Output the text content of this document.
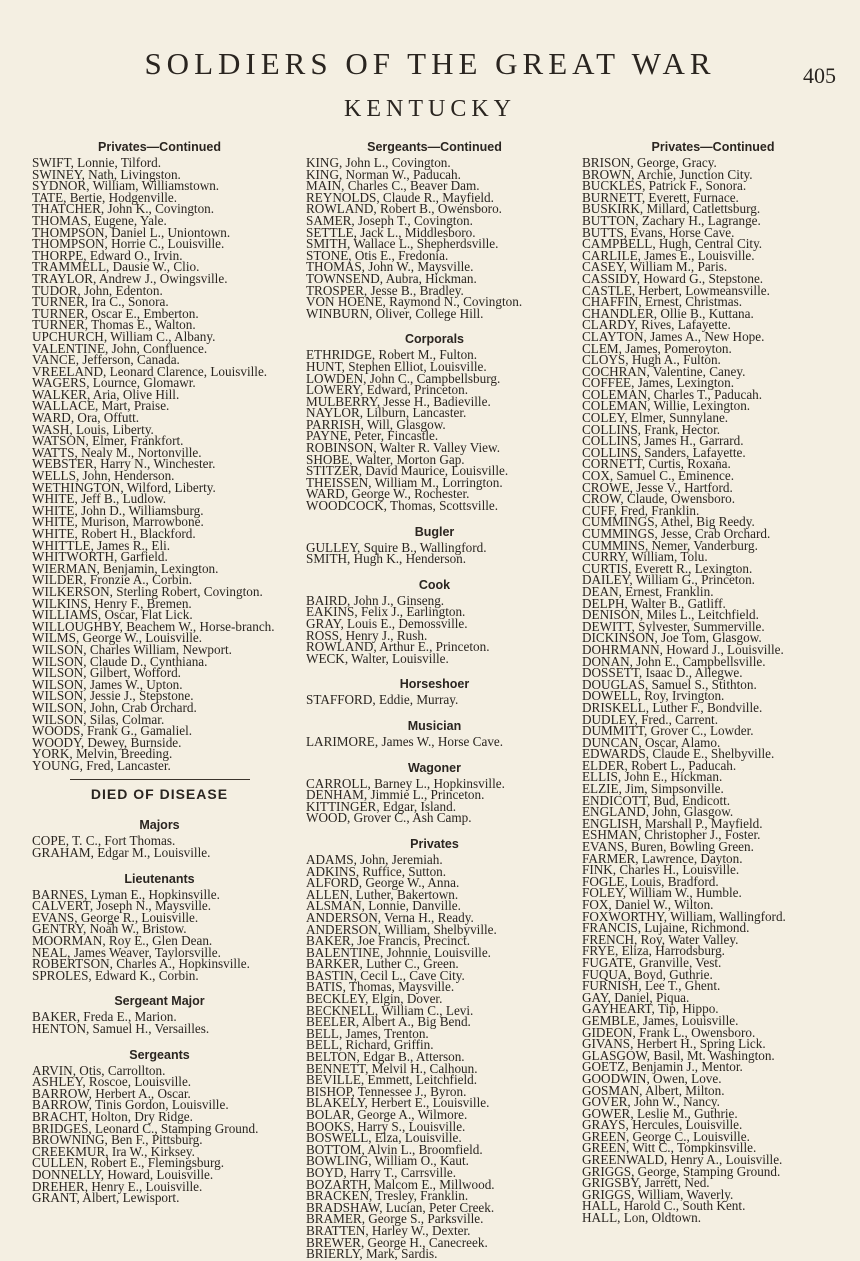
SOLDIERS OF THE GREAT WAR	405
KENTUCKY
Privates—Continued
SWIFT, Lonnie, Tilford.
SWINEY, Nath, Livingston.
SYDNOR, William, Williamstown.
TATE, Bertie, Hodgenville.
THATCHER, John K., Covington.
THOMAS, Eugene, Yale.
THOMPSON, Daniel L., Uniontown.
THOMPSON, Horrie C., Louisville.
THORPE, Edward O., Irvin.
TRAMMELL, Dausie W., Clio.
TRAYLOR, Andrew J., Owingsville.
TUDOR, John, Edenton.
TURNER, Ira C., Sonora.
TURNER, Oscar E., Emberton.
TURNER, Thomas E., Walton.
UPCHURCH, William C., Albany.
VALENTINE, John, Confluence.
VANCE, Jefferson, Canada.
VREELAND, Leonard Clarence, Louisville.
WAGERS, Lournce, Glomawr.
WALKER, Aria, Olive Hill.
WALLACE, Mart, Praise.
WARD, Ora, Offutt.
WASH, Louis, Liberty.
WATSON, Elmer, Frankfort.
WATTS, Nealy M., Nortonville.
WEBSTER, Harry N., Winchester.
WELLS, John, Henderson.
WETHINGTON, Wilford, Liberty.
WHITE, Jeff B., Ludlow.
WHITE, John D., Williamsburg.
WHITE, Murison, Marrowbone.
WHITE, Robert H., Blackford.
WHITTLE, James R., Eli.
WHITWORTH, Garfield.
WIERMAN, Benjamin, Lexington.
WILDER, Fronzie A., Corbin.
WILKERSON, Sterling Robert, Covington.
WILKINS, Henry F., Bremen.
WILLIAMS, Oscar, Flat Lick.
WILLOUGHBY, Beachem W., Horse-branch.
WILMS, George W., Louisville.
WILSON, Charles William, Newport.
WILSON, Claude D., Cynthiana.
WILSON, Gilbert, Wofford.
WILSON, James W., Upton.
WILSON, Jessie J., Stepstone.
WILSON, John, Crab Orchard.
WILSON, Silas, Colmar.
WOODS, Frank G., Gamaliel.
WOODY, Dewey, Burnside.
YORK, Melvin, Breeding.
YOUNG, Fred, Lancaster.
DIED OF DISEASE
Majors
COPE, T. C., Fort Thomas.
GRAHAM, Edgar M., Louisville.
Lieutenants
BARNES, Lyman E., Hopkinsville.
CALVERT, Joseph N., Maysville.
EVANS, George R., Louisville.
GENTRY, Noah W., Bristow.
MOORMAN, Roy E., Glen Dean.
NEAL, James Weaver, Taylorsville.
ROBERTSON, Charles A., Hopkinsville.
SPROLES, Edward K., Corbin.
Sergeant Major
BAKER, Freda E., Marion.
HENTON, Samuel H., Versailles.
Sergeants
ARVIN, Otis, Carrollton.
ASHLEY, Roscoe, Louisville.
BARROW, Herbert A., Oscar.
BARROW, Tinis Gordon, Louisville.
BRACHT, Holton, Dry Ridge.
BRIDGES, Leonard C., Stamping Ground.
BROWNING, Ben F., Pittsburg.
CREEKMUR, Ira W., Kirksey.
CULLEN, Robert E., Flemingsburg.
DONNELLY, Howard, Louisville.
DREHER, Henry E., Louisville.
GRANT, Albert, Lewisport.
Sergeants—Continued
KING, John L., Covington.
KING, Norman W., Paducah.
MAIN, Charles C., Beaver Dam.
REYNOLDS, Claude R., Mayfield.
ROWLAND, Robert B., Owensboro.
SAMER, Joseph T., Covington.
SETTLE, Jack L., Middlesboro.
SMITH, Wallace L., Shepherdsville.
STONE, Otis E., Fredonia.
THOMAS, John W., Maysville.
TOWNSEND, Aubra, Hickman.
TROSPER, Jesse B., Bradley.
VON HOENE, Raymond N., Covington.
WINBURN, Oliver, College Hill.
Corporals
ETHRIDGE, Robert M., Fulton.
HUNT, Stephen Elliot, Louisville.
LOWDEN, John C., Campbellsburg.
LOWERY, Edward, Princeton.
MULBERRY, Jesse H., Badieville.
NAYLOR, Lilburn, Lancaster.
PARRISH, Will, Glasgow.
PAYNE, Peter, Fincastle.
ROBINSON, Walter R. Valley View.
SHOBE, Walter, Morton Gap.
STITZER, David Maurice, Louisville.
THEISSEN, William M., Lorrington.
WARD, George W., Rochester.
WOODCOCK, Thomas, Scottsville.
Bugler
GULLEY, Squire B., Wallingford.
SMITH, Hugh K., Henderson.
Cook
BAIRD, John J., Ginseng.
EAKINS, Felix J., Earlington.
GRAY, Louis E., Demossville.
ROSS, Henry J., Rush.
ROWLAND, Arthur E., Princeton.
WECK, Walter, Louisville.
Horseshoer
STAFFORD, Eddie, Murray.
Musician
LARIMORE, James W., Horse Cave.
Wagoner
CARROLL, Barney L., Hopkinsville.
DENHAM, Jimmie L., Princeton.
KITTINGER, Edgar, Island.
WOOD, Grover C., Ash Camp.
Privates
ADAMS, John, Jeremiah.
ADKINS, Ruffice, Sutton.
ALFORD, George W., Anna.
ALLEN, Luther, Bakertown.
ALSMAN, Lonnie, Danville.
ANDERSON, Verna H., Ready.
ANDERSON, William, Shelbyville.
BAKER, Joe Francis, Precinct.
BALENTINE, Johnnie, Louisville.
BARKER, Luther C., Green.
BASTIN, Cecil L., Cave City.
BATIS, Thomas, Maysville.
BECKLEY, Elgin, Dover.
BECKNELL, William C., Levi.
BEELER, Albert A., Big Bend.
BELL, James, Trenton.
BELL, Richard, Griffin.
BELTON, Edgar B., Atterson.
BENNETT, Melvil H., Calhoun.
BEVILLE, Emmett, Leitchfield.
BISHOP, Tennessee J., Byron.
BLAKELY, Herbert E., Louisville.
BOLAR, George A., Wilmore.
BOOKS, Harry S., Louisville.
BOSWELL, Elza, Louisville.
BOTTOM, Alvin L., Broomfield.
BOWLING, William O., Kaut.
BOYD, Harry T., Carrsville.
BOZARTH, Malcom E., Millwood.
BRACKEN, Tresley, Franklin.
BRADSHAW, Lucian, Peter Creek.
BRAMER, George S., Parksville.
BRATTEN, Harley W., Dexter.
BREWER, George H., Canecreek.
BRIERLY, Mark, Sardis.
Privates—Continued
BRISON, George, Gracy.
BROWN, Archie, Junction City.
BUCKLES, Patrick F., Sonora.
BURNETT, Everett, Furnace.
BUSKIRK, Millard, Catlettsburg.
BUTTON, Zachary H., Lagrange.
BUTTS, Evans, Horse Cave.
CAMPBELL, Hugh, Central City.
CARLILE, James E., Louisville.
CASEY, William M., Paris.
CASSIDY, Howard G., Stepstone.
CASTLE, Herbert, Lowmeansville.
CHAFFIN, Ernest, Christmas.
CHANDLER, Ollie B., Kuttana.
CLARDY, Rives, Lafayette.
CLAYTON, James A., New Hope.
CLEM, James, Pomeroyton.
CLOYS, Hugh A., Fulton.
COCHRAN, Valentine, Caney.
COFFEE, James, Lexington.
COLEMAN, Charles T., Paducah.
COLEMAN, Willie, Lexington.
COLEY, Elmer, Sunnylane.
COLLINS, Frank, Hector.
COLLINS, James H., Garrard.
COLLINS, Sanders, Lafayette.
CORNETT, Curtis, Roxana.
COX, Samuel C., Eminence.
CROWE, Jesse V., Hartford.
CROW, Claude, Owensboro.
CUFF, Fred, Franklin.
CUMMINGS, Athel, Big Reedy.
CUMMINGS, Jesse, Crab Orchard.
CUMMINS, Nemer, Vanderburg.
CURRY, William, Tolu.
CURTIS, Everett R., Lexington.
DAILEY, William G., Princeton.
DEAN, Ernest, Franklin.
DELPH, Walter B., Gatliff.
DENISON, Miles L., Leitchfield.
DEWITT, Sylvester, Summerville.
DICKINSON, Joe Tom, Glasgow.
DOHRMANN, Howard J., Louisville.
DONAN, John E., Campbellsville.
DOSSETT, Isaac D., Allegwe.
DOUGLAS, Samuel S., Stithton.
DOWELL, Roy, Irvington.
DRISKELL, Luther F., Bondville.
DUDLEY, Fred., Carrent.
DUMMITT, Grover C., Lowder.
DUNCAN, Oscar, Alamo.
EDWARDS, Claude E., Shelbyville.
ELDER, Robert L., Paducah.
ELLIS, John E., Hickman.
ELZIE, Jim, Simpsonville.
ENDICOTT, Bud, Endicott.
ENGLAND, John, Glasgow.
ENGLISH, Marshall P., Mayfield.
ESHMAN, Christopher J., Foster.
EVANS, Buren, Bowling Green.
FARMER, Lawrence, Dayton.
FINK, Charles H., Louisville.
FOGLE, Louis, Bradford.
FOLEY, William W., Humble.
FOX, Daniel W., Wilton.
FOXWORTHY, William, Wallingford.
FRANCIS, Lujaine, Richmond.
FRENCH, Roy, Water Valley.
FRYE, Eliza, Harrodsburg.
FUGATE, Granville, Vest.
FUQUA, Boyd, Guthrie.
FURNISH, Lee T., Ghent.
GAY, Daniel, Piqua.
GAYHEART, Tip, Hippo.
GEMBLE, James, Louisville.
GIDEON, Frank L., Owensboro.
GIVANS, Herbert H., Spring Lick.
GLASGOW, Basil, Mt. Washington.
GOETZ, Benjamin J., Mentor.
GOODWIN, Owen, Love.
GOSMAN, Albert, Milton.
GOVER, John W., Nancy.
GOWER, Leslie M., Guthrie.
GRAYS, Hercules, Louisville.
GREEN, George C., Louisville.
GREEN, Witt C., Tompkinsville.
GREENWALD, Henry A., Louisville.
GRIGGS, George, Stamping Ground.
GRIGSBY, Jarrett, Ned.
GRIGGS, William, Waverly.
HALL, Harold C., South Kent.
HALL, Lon, Oldtown.
